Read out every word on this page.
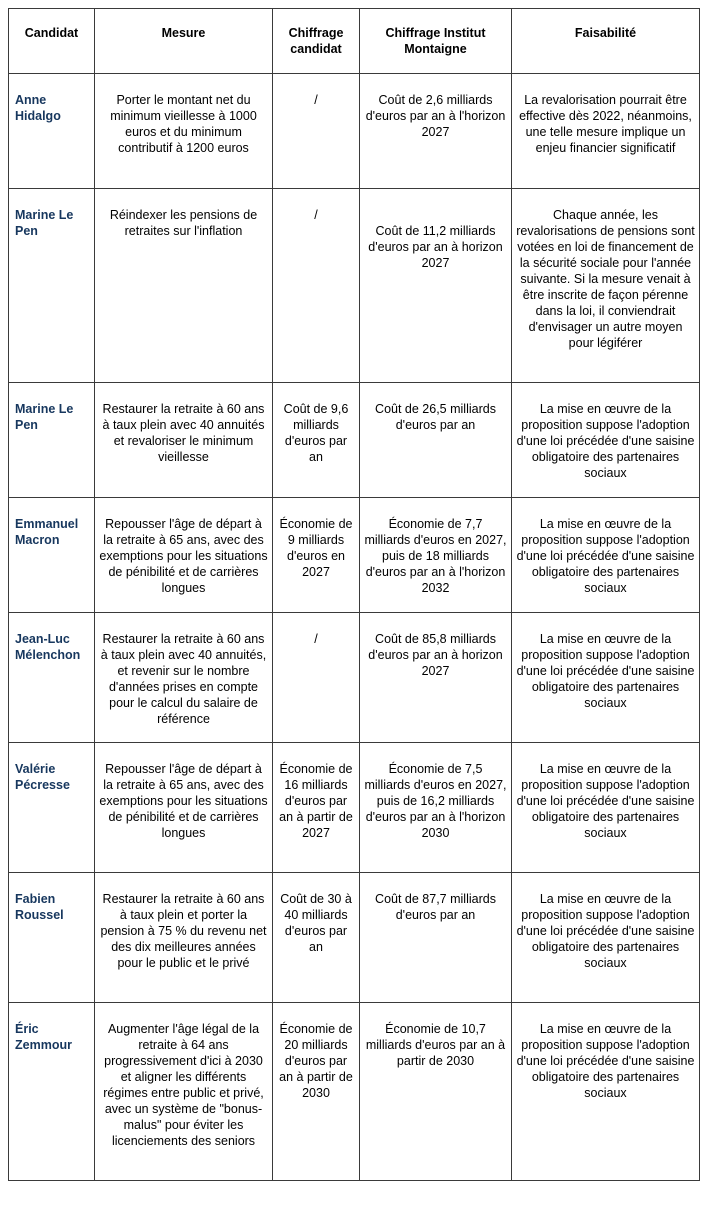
Candidat	Mesure	Chiffrage candidat	Chiffrage Institut Montaigne	Faisabilité
Anne Hidalgo	Porter le montant net du minimum vieillesse à 1000 euros et du minimum contributif à 1200 euros	/	Coût de 2,6 milliards d'euros par an à l'horizon 2027	La revalorisation pourrait être effective dès 2022, néanmoins, une telle mesure implique un enjeu financier significatif
Marine Le Pen	Réindexer les pensions de retraites sur l'inflation	/	Coût de 11,2 milliards d'euros par an à horizon 2027	Chaque année, les revalorisations de pensions sont votées en loi de financement de la sécurité sociale pour l'année suivante. Si la mesure venait à être inscrite de façon pérenne dans la loi, il conviendrait d'envisager un autre moyen pour légiférer
Marine Le Pen	Restaurer la retraite à 60 ans à taux plein avec 40 annuités et revaloriser le minimum vieillesse	Coût de 9,6 milliards d'euros par an	Coût de 26,5 milliards d'euros par an	La mise en œuvre de la proposition suppose l'adoption d'une loi précédée d'une saisine obligatoire des partenaires sociaux
Emmanuel Macron	Repousser l'âge de départ à la retraite à 65 ans, avec des exemptions pour les situations de pénibilité et de carrières longues	Économie de 9 milliards d'euros en 2027	Économie de 7,7 milliards d'euros en 2027, puis de 18 milliards d'euros par an à l'horizon 2032	La mise en œuvre de la proposition suppose l'adoption d'une loi précédée d'une saisine obligatoire des partenaires sociaux
Jean-Luc Mélenchon	Restaurer la retraite à 60 ans à taux plein avec 40 annuités, et revenir sur le nombre d'années prises en compte pour le calcul du salaire de référence	/	Coût de 85,8 milliards d'euros par an à horizon 2027	La mise en œuvre de la proposition suppose l'adoption d'une loi précédée d'une saisine obligatoire des partenaires sociaux
Valérie Pécresse	Repousser l'âge de départ à la retraite à 65 ans, avec des exemptions pour les situations de pénibilité et de carrières longues	Économie de 16 milliards d'euros par an à partir de 2027	Économie de 7,5 milliards d'euros en 2027, puis de 16,2 milliards d'euros par an à l'horizon 2030	La mise en œuvre de la proposition suppose l'adoption d'une loi précédée d'une saisine obligatoire des partenaires sociaux
Fabien Roussel	Restaurer la retraite à 60 ans à taux plein et porter la pension à 75 % du revenu net des dix meilleures années pour le public et le privé	Coût de 30 à 40 milliards d'euros par an	Coût de 87,7 milliards d'euros par an	La mise en œuvre de la proposition suppose l'adoption d'une loi précédée d'une saisine obligatoire des partenaires sociaux
Éric Zemmour	Augmenter l'âge légal de la retraite à 64 ans progressivement d'ici à 2030 et aligner les différents régimes entre public et privé, avec un système de "bonus-malus" pour éviter les licenciements des seniors	Économie de 20 milliards d'euros par an à partir de 2030	Économie de 10,7 milliards d'euros par an à partir de 2030	La mise en œuvre de la proposition suppose l'adoption d'une loi précédée d'une saisine obligatoire des partenaires sociaux
